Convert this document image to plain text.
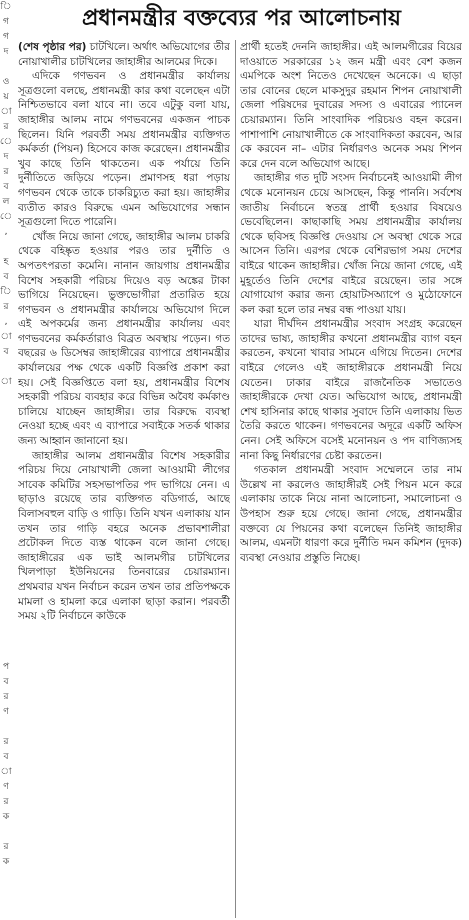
ি
গ
গ
দ

ও
য়
া
র
ে
দ
র
ব
ল
ে
,

হ
ব
ি
র
,
া
ব

া

প
ব
র
ণ

র
ব
া
ণ
র
ক

র
ক
প্রধানমন্ত্রীর বক্তব্যের পর আলোচনায়

(শেষ পৃষ্ঠার পর) চাটখিলে। অর্থাৎ অভিযোগের তীর নোয়াখালীর চাটখিলের জাহাঙ্গীর আলমের দিকে।

এদিকে গণভবন ও প্রধানমন্ত্রীর কার্যালয় সূত্রগুলো বলছে, প্রধানমন্ত্রী কার কথা বলেছেন এটা নিশ্চিতভাবে বলা যাবে না। তবে এটুকু বলা যায়, জাহাঙ্গীর আলম নামে গণভবনের একজন পাচক ছিলেন। যিনি পরবর্তী সময় প্রধানমন্ত্রীর ব্যক্তিগত কর্মকর্তা (পিয়ন) হিসেবে কাজ করেছেন। প্রধানমন্ত্রীর খুব কাছে তিনি থাকতেন। এক পর্যায়ে তিনি দুর্নীতিতে জড়িয়ে পড়েন। প্রমাণসহ ধরা পড়ায় গণভবন থেকে তাকে চাকরিচ্যুত করা হয়। জাহাঙ্গীর ব্যতীত কারও বিরুদ্ধে এমন অভিযোগের সন্ধান সূত্রগুলো দিতে পারেনি।

খোঁজ নিয়ে জানা গেছে, জাহাঙ্গীর আলম চাকরি থেকে বহিষ্কৃত হওয়ার পরও তার দুর্নীতি ও অপতৎপরতা কমেনি। নানান জায়গায় প্রধানমন্ত্রীর বিশেষ সহকারী পরিচয় দিয়েও বড় অঙ্কের টাকা ভাগিয়ে নিয়েছেন। ভুক্তভোগীরা প্রতারিত হয়ে গণভবন ও প্রধানমন্ত্রীর কার্যালয়ে অভিযোগ দিলে এই অপকর্মের জন্য প্রধানমন্ত্রীর কার্যালয় এবং গণভবনের কর্মকর্তারাও বিব্রত অবস্থায় পড়েন। গত বছরের ৬ ডিসেম্বর জাহাঙ্গীরের ব্যাপারে প্রধানমন্ত্রীর কার্যালয়ের পক্ষ থেকে একটি বিজ্ঞপ্তি প্রকাশ করা হয়। সেই বিজ্ঞপ্তিতে বলা হয়, প্রধানমন্ত্রীর বিশেষ সহকারী পরিচয় ব্যবহার করে বিভিন্ন অবৈধ কর্মকাণ্ড চালিয়ে যাচ্ছেন জাহাঙ্গীর। তার বিরুদ্ধে ব্যবস্থা নেওয়া হচ্ছে এবং এ ব্যাপারে সবাইকে সতর্ক থাকার জন্য আহ্বান জানানো হয়।

জাহাঙ্গীর আলম প্রধানমন্ত্রীর বিশেষ সহকারীর পরিচয় দিয়ে নোয়াখালী জেলা আওয়ামী লীগের সাবেক কমিটির সহসভাপতির পদ ভাগিয়ে নেন। এ ছাড়াও রয়েছে তার ব্যক্তিগত বডিগার্ড, আছে বিলাসবহুল বাড়ি ও গাড়ি। তিনি যখন এলাকায় যান তখন তার গাড়ি বহরে অনেক প্রভাবশালীরা প্রটোকল দিতে ব্যস্ত থাকেন বলে জানা গেছে। জাহাঙ্গীরের এক ভাই আলমগীর চাটখিলের খিলপাড়া ইউনিয়নের তিনবারের চেয়ারম্যান। প্রথমবার যখন নির্বাচন করেন তখন তার প্রতিপক্ষকে মামলা ও হামলা করে এলাকা ছাড়া করান। পরবর্তী সময় ২টি নির্বাচনে কাউকে

প্রার্থী হতেই দেননি জাহাঙ্গীর। এই আলমগীরের বিয়ের দাওয়াতে সরকারের ১২ জন মন্ত্রী এবং বেশ কজন এমপিকে অংশ নিতেও দেখেছেন অনেকে। এ ছাড়া তার বোনের ছেলে মাকসুদুর রহমান শিপন নোয়াখালী জেলা পরিষদের দুবারের সদস্য ও এবারের প্যানেল চেয়ারম্যান। তিনি সাংবাদিক পরিচয়ও বহন করেন। পাশাপাশি নোয়াখালীতে কে সাংবাদিকতা করবেন, আর কে করবেন না– এটার নির্ধারণও অনেক সময় শিপন করে দেন বলে অভিযোগ আছে।

জাহাঙ্গীর গত দুটি সংসদ নির্বাচনেই আওয়ামী লীগ থেকে মনোনয়ন চেয়ে আসছেন, কিন্তু পাননি। সর্বশেষ জাতীয় নির্বাচনে স্বতন্ত্র প্রার্থী হওয়ার বিষয়েও ভেবেছিলেন। কাছাকাছি সময় প্রধানমন্ত্রীর কার্যালয় থেকে ছবিসহ বিজ্ঞপ্তি দেওয়ায় সে অবস্থা থেকে সরে আসেন তিনি। এরপর থেকে বেশিরভাগ সময় দেশের বাইরে থাকেন জাহাঙ্গীর। খোঁজ নিয়ে জানা গেছে, এই মুহূর্তেও তিনি দেশের বাইরে রয়েছেন। তার সঙ্গে যোগাযোগ করার জন্য হোয়াটসঅ্যাপে ও মুঠোফোনে কল করা হলে তার নম্বর বন্ধ পাওয়া যায়।

যারা দীর্ঘদিন প্রধানমন্ত্রীর সংবাদ সংগ্রহ করেছেন তাদের ভাষ্য, জাহাঙ্গীর কখনো প্রধানমন্ত্রীর ব্যাগ বহন করতেন, কখনো খাবার সামনে এগিয়ে দিতেন। দেশের বাইরে গেলেও এই জাহাঙ্গীরকে প্রধানমন্ত্রী নিয়ে যেতেন। ঢাকার বাইরে রাজনৈতিক সভাতেও জাহাঙ্গীরকে দেখা যেত। অভিযোগ আছে, প্রধানমন্ত্রী শেখ হাসিনার কাছে থাকার সুবাদে তিনি এলাকায় ভিত তৈরি করতে থাকেন। গণভবনের অদূরে একটি অফিস নেন। সেই অফিসে বসেই মনোনয়ন ও পদ বাণিজ্যসহ নানা কিছু নির্ধারণের চেষ্টা করতেন।

গতকাল প্রধানমন্ত্রী সংবাদ সম্মেলনে তার নাম উল্লেখ না করলেও জাহাঙ্গীরই সেই পিয়ন মনে করে এলাকায় তাকে নিয়ে নানা আলোচনা, সমালোচনা ও উপহাস শুরু হয়ে গেছে। জানা গেছে, প্রধানমন্ত্রীর বক্তব্যে যে পিয়নের কথা বলেছেন তিনিই জাহাঙ্গীর আলম, এমনটা ধারণা করে দুর্নীতি দমন কমিশন (দুদক) ব্যবস্থা নেওয়ার প্রস্তুতি নিচ্ছে।
